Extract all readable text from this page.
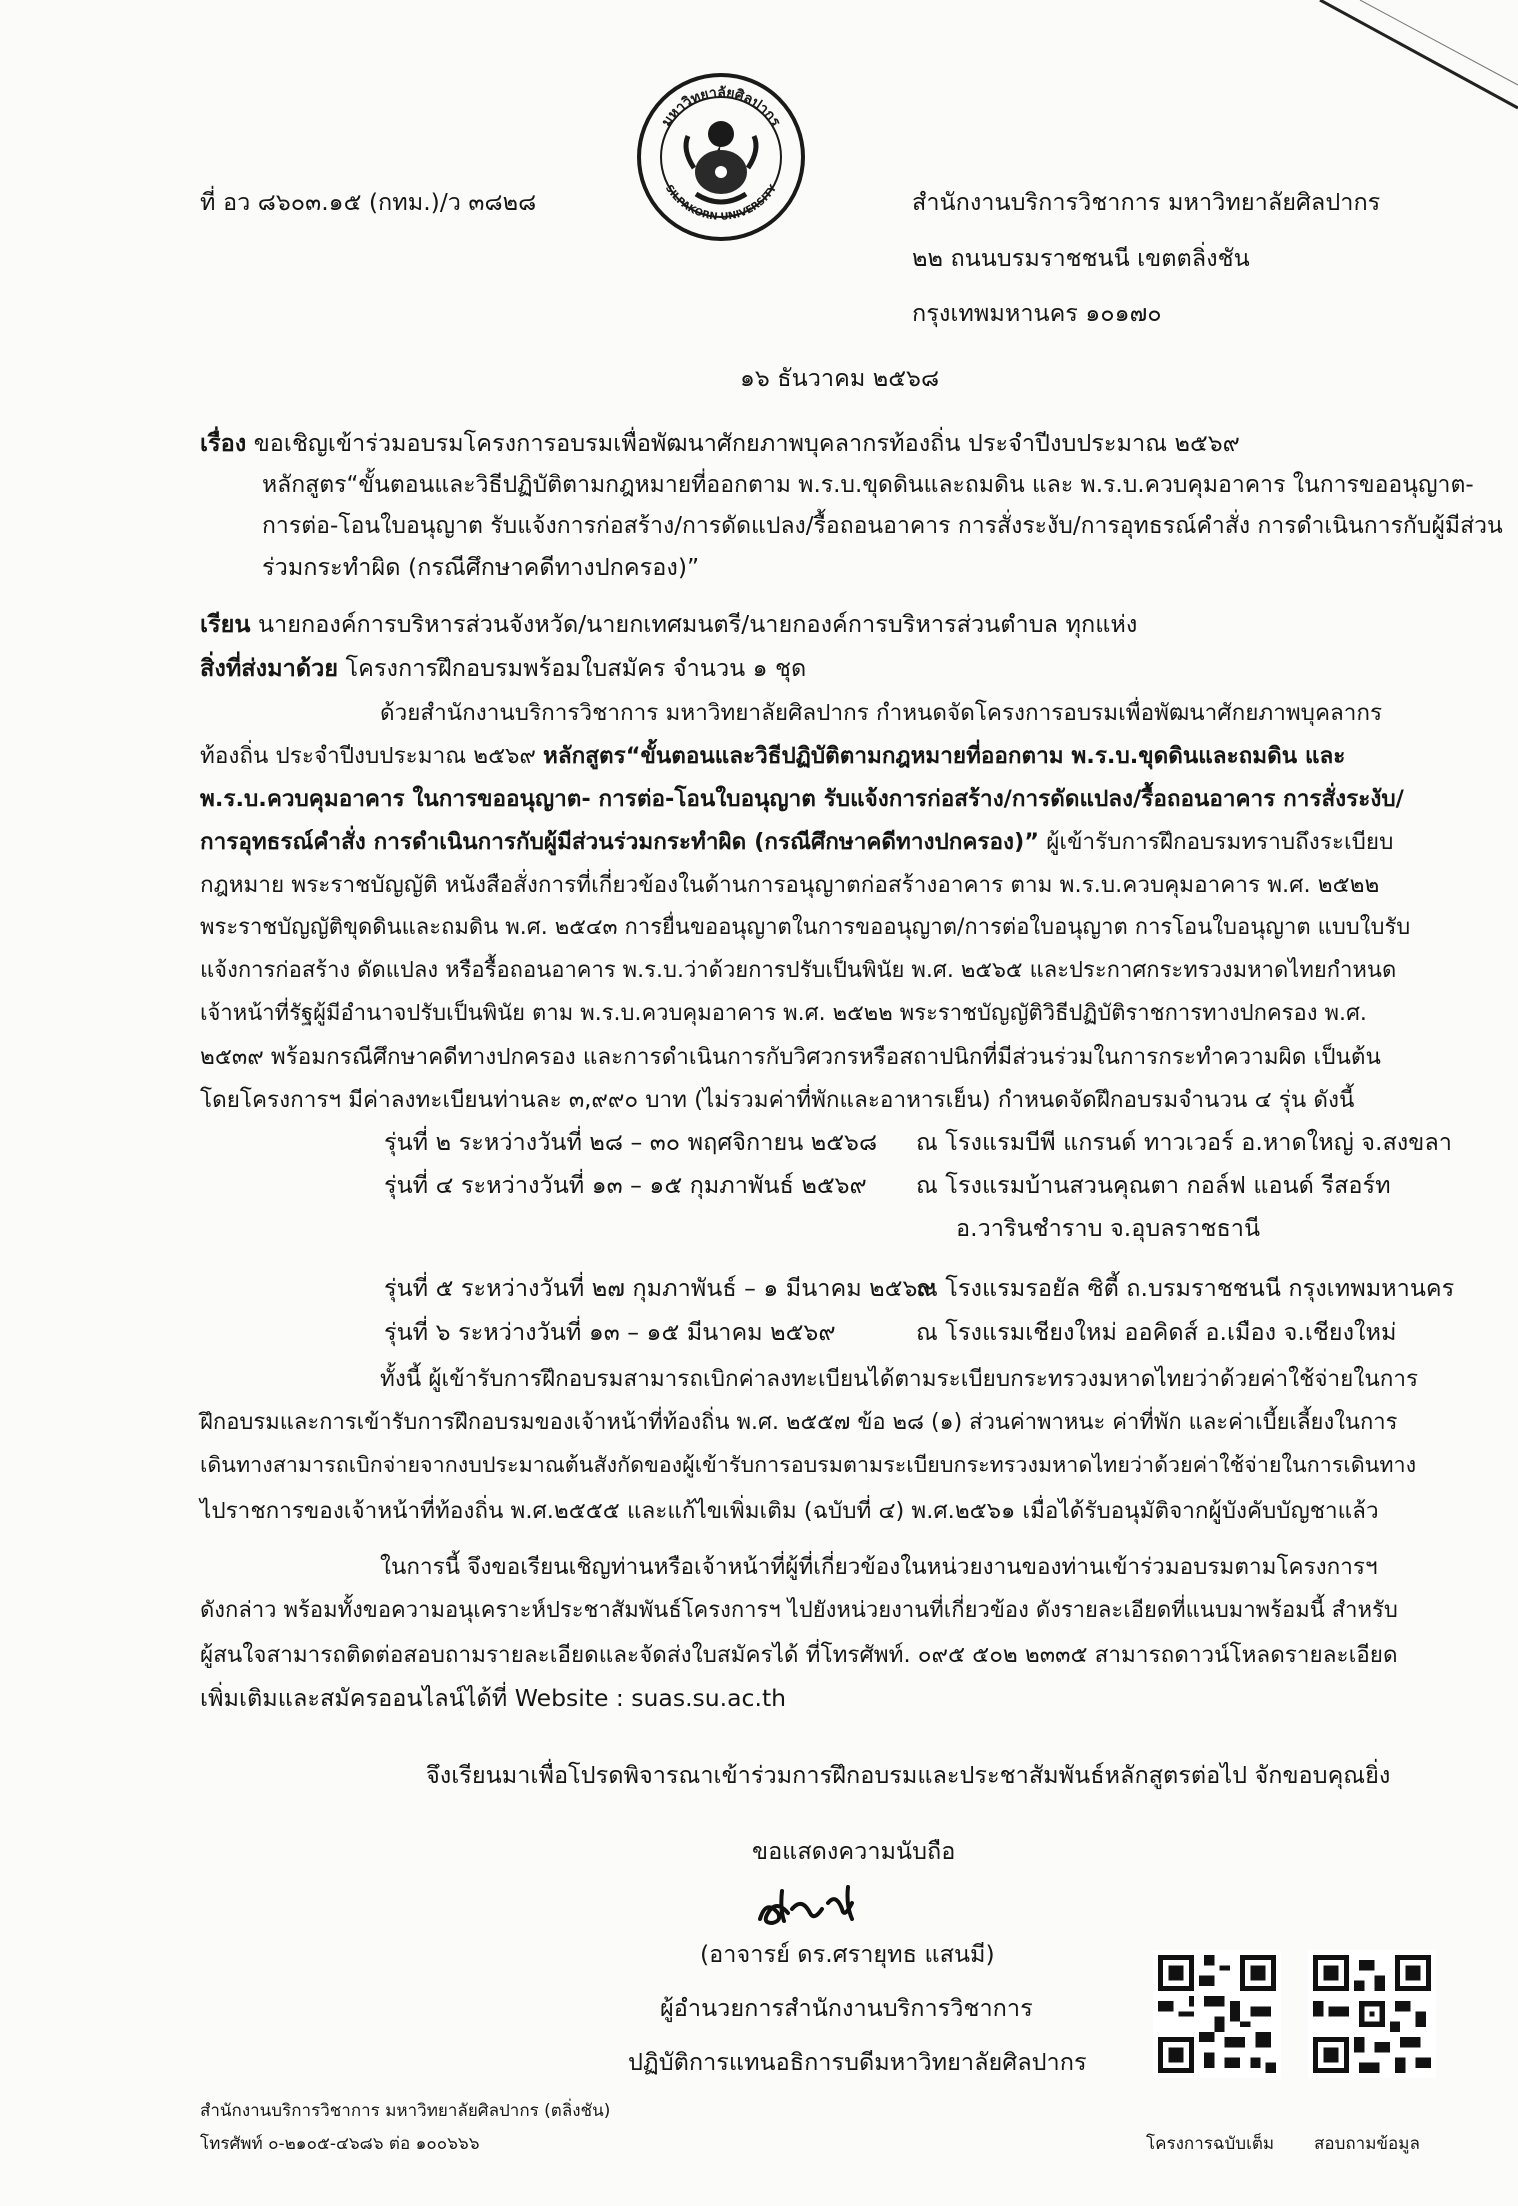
ที่ อว ๘๖๐๓.๑๕ (กทม.)/ว ๓๘๒๘
มหาวิทยาลัยศิลปากร
SILPAKORN UNIVERSITY	สำนักงานบริการวิชาการ มหาวิทยาลัยศิลปากร
๒๒ ถนนบรมราชชนนี เขตตลิ่งชัน
กรุงเทพมหานคร ๑๐๑๗๐
๑๖ ธันวาคม ๒๕๖๘
เรื่อง ขอเชิญเข้าร่วมอบรมโครงการอบรมเพื่อพัฒนาศักยภาพบุคลากรท้องถิ่น ประจำปีงบประมาณ ๒๕๖๙
หลักสูตร“ขั้นตอนและวิธีปฏิบัติตามกฎหมายที่ออกตาม พ.ร.บ.ขุดดินและถมดิน และ พ.ร.บ.ควบคุมอาคาร ในการขออนุญาต-
การต่อ-โอนใบอนุญาต รับแจ้งการก่อสร้าง/การดัดแปลง/รื้อถอนอาคาร การสั่งระงับ/การอุทธรณ์คำสั่ง การดำเนินการกับผู้มีส่วน
ร่วมกระทำผิด (กรณีศึกษาคดีทางปกครอง)”
เรียน นายกองค์การบริหารส่วนจังหวัด/นายกเทศมนตรี/นายกองค์การบริหารส่วนตำบล ทุกแห่ง
สิ่งที่ส่งมาด้วย โครงการฝึกอบรมพร้อมใบสมัคร จำนวน ๑ ชุด
ด้วยสำนักงานบริการวิชาการ มหาวิทยาลัยศิลปากร กำหนดจัดโครงการอบรมเพื่อพัฒนาศักยภาพบุคลากร
ท้องถิ่น ประจำปีงบประมาณ ๒๕๖๙ หลักสูตร“ขั้นตอนและวิธีปฏิบัติตามกฎหมายที่ออกตาม พ.ร.บ.ขุดดินและถมดิน และ
พ.ร.บ.ควบคุมอาคาร ในการขออนุญาต- การต่อ-โอนใบอนุญาต รับแจ้งการก่อสร้าง/การดัดแปลง/รื้อถอนอาคาร การสั่งระงับ/
การอุทธรณ์คำสั่ง การดำเนินการกับผู้มีส่วนร่วมกระทำผิด (กรณีศึกษาคดีทางปกครอง)” ผู้เข้ารับการฝึกอบรมทราบถึงระเบียบ
กฎหมาย พระราชบัญญัติ หนังสือสั่งการที่เกี่ยวข้องในด้านการอนุญาตก่อสร้างอาคาร ตาม พ.ร.บ.ควบคุมอาคาร พ.ศ. ๒๕๒๒
พระราชบัญญัติขุดดินและถมดิน พ.ศ. ๒๕๔๓ การยื่นขออนุญาตในการขออนุญาต/การต่อใบอนุญาต การโอนใบอนุญาต แบบใบรับ
แจ้งการก่อสร้าง ดัดแปลง หรือรื้อถอนอาคาร พ.ร.บ.ว่าด้วยการปรับเป็นพินัย พ.ศ. ๒๕๖๕ และประกาศกระทรวงมหาดไทยกำหนด
เจ้าหน้าที่รัฐผู้มีอำนาจปรับเป็นพินัย ตาม พ.ร.บ.ควบคุมอาคาร พ.ศ. ๒๕๒๒ พระราชบัญญัติวิธีปฏิบัติราชการทางปกครอง พ.ศ.
๒๕๓๙ พร้อมกรณีศึกษาคดีทางปกครอง และการดำเนินการกับวิศวกรหรือสถาปนิกที่มีส่วนร่วมในการกระทำความผิด เป็นต้น
โดยโครงการฯ มีค่าลงทะเบียนท่านละ ๓,๙๙๐ บาท (ไม่รวมค่าที่พักและอาหารเย็น) กำหนดจัดฝึกอบรมจำนวน ๔ รุ่น ดังนี้
รุ่นที่ ๒ ระหว่างวันที่ ๒๘ – ๓๐ พฤศจิกายน ๒๕๖๘ ณ โรงแรมบีพี แกรนด์ ทาวเวอร์ อ.หาดใหญ่ จ.สงขลา
รุ่นที่ ๔ ระหว่างวันที่ ๑๓ – ๑๕ กุมภาพันธ์ ๒๕๖๙ ณ โรงแรมบ้านสวนคุณตา กอล์ฟ แอนด์ รีสอร์ท
อ.วารินชำราบ จ.อุบลราชธานี
รุ่นที่ ๕ ระหว่างวันที่ ๒๗ กุมภาพันธ์ – ๑ มีนาคม ๒๕๖๙
ณ โรงแรมรอยัล ซิตี้ ถ.บรมราชชนนี กรุงเทพมหานคร
รุ่นที่ ๖ ระหว่างวันที่ ๑๓ – ๑๕ มีนาคม ๒๕๖๙	ณ โรงแรมเชียงใหม่ ออคิดส์ อ.เมือง จ.เชียงใหม่
ทั้งนี้ ผู้เข้ารับการฝึกอบรมสามารถเบิกค่าลงทะเบียนได้ตามระเบียบกระทรวงมหาดไทยว่าด้วยค่าใช้จ่ายในการ
ฝึกอบรมและการเข้ารับการฝึกอบรมของเจ้าหน้าที่ท้องถิ่น พ.ศ. ๒๕๕๗ ข้อ ๒๘ (๑) ส่วนค่าพาหนะ ค่าที่พัก และค่าเบี้ยเลี้ยงในการ
เดินทางสามารถเบิกจ่ายจากงบประมาณต้นสังกัดของผู้เข้ารับการอบรมตามระเบียบกระทรวงมหาดไทยว่าด้วยค่าใช้จ่ายในการเดินทาง
ไปราชการของเจ้าหน้าที่ท้องถิ่น พ.ศ.๒๕๕๕ และแก้ไขเพิ่มเติม (ฉบับที่ ๔) พ.ศ.๒๕๖๑ เมื่อได้รับอนุมัติจากผู้บังคับบัญชาแล้ว
ในการนี้ จึงขอเรียนเชิญท่านหรือเจ้าหน้าที่ผู้ที่เกี่ยวข้องในหน่วยงานของท่านเข้าร่วมอบรมตามโครงการฯ
ดังกล่าว พร้อมทั้งขอความอนุเคราะห์ประชาสัมพันธ์โครงการฯ ไปยังหน่วยงานที่เกี่ยวข้อง ดังรายละเอียดที่แนบมาพร้อมนี้ สำหรับ
ผู้สนใจสามารถติดต่อสอบถามรายละเอียดและจัดส่งใบสมัครได้ ที่โทรศัพท์. ๐๙๕ ๕๐๒ ๒๓๓๕ สามารถดาวน์โหลดรายละเอียด
เพิ่มเติมและสมัครออนไลน์ได้ที่ Website : suas.su.ac.th
จึงเรียนมาเพื่อโปรดพิจารณาเข้าร่วมการฝึกอบรมและประชาสัมพันธ์หลักสูตรต่อไป จักขอบคุณยิ่ง
ขอแสดงความนับถือ
(อาจารย์ ดร.ศรายุทธ แสนมี)
ผู้อำนวยการสำนักงานบริการวิชาการ
ปฏิบัติการแทนอธิการบดีมหาวิทยาลัยศิลปากร
สำนักงานบริการวิชาการ มหาวิทยาลัยศิลปากร (ตลิ่งชัน)
โทรศัพท์ ๐-๒๑๐๕-๔๖๘๖ ต่อ ๑๐๐๖๖๖	โครงการฉบับเต็ม สอบถามข้อมูล
